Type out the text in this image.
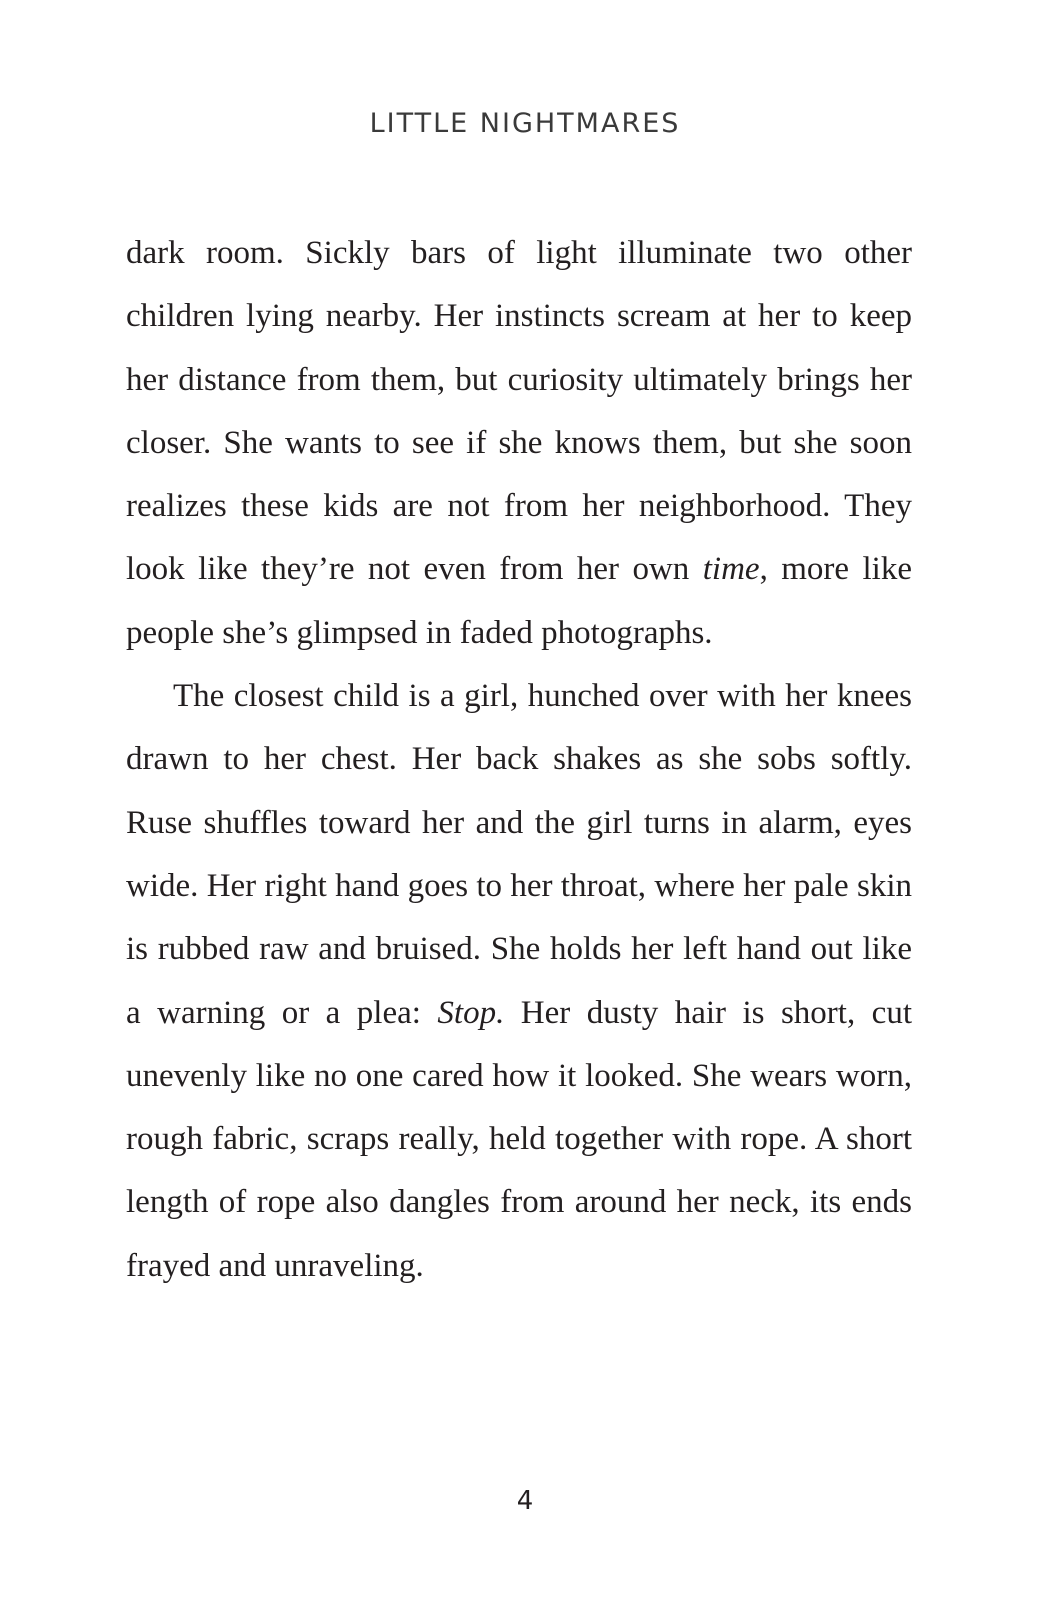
LITTLE NIGHTMARES

dark room. Sickly bars of light illuminate two other children lying nearby. Her instincts scream at her to keep her distance from them, but curiosity ultimately brings her closer. She wants to see if she knows them, but she soon realizes these kids are not from her neighborhood. They look like they’re not even from her own time, more like people she’s glimpsed in faded photographs.

The closest child is a girl, hunched over with her knees drawn to her chest. Her back shakes as she sobs softly. Ruse shuffles toward her and the girl turns in alarm, eyes wide. Her right hand goes to her throat, where her pale skin is rubbed raw and bruised. She holds her left hand out like a warning or a plea: Stop. Her dusty hair is short, cut unevenly like no one cared how it looked. She wears worn, rough fabric, scraps really, held together with rope. A short length of rope also dangles from around her neck, its ends frayed and unraveling.

4
